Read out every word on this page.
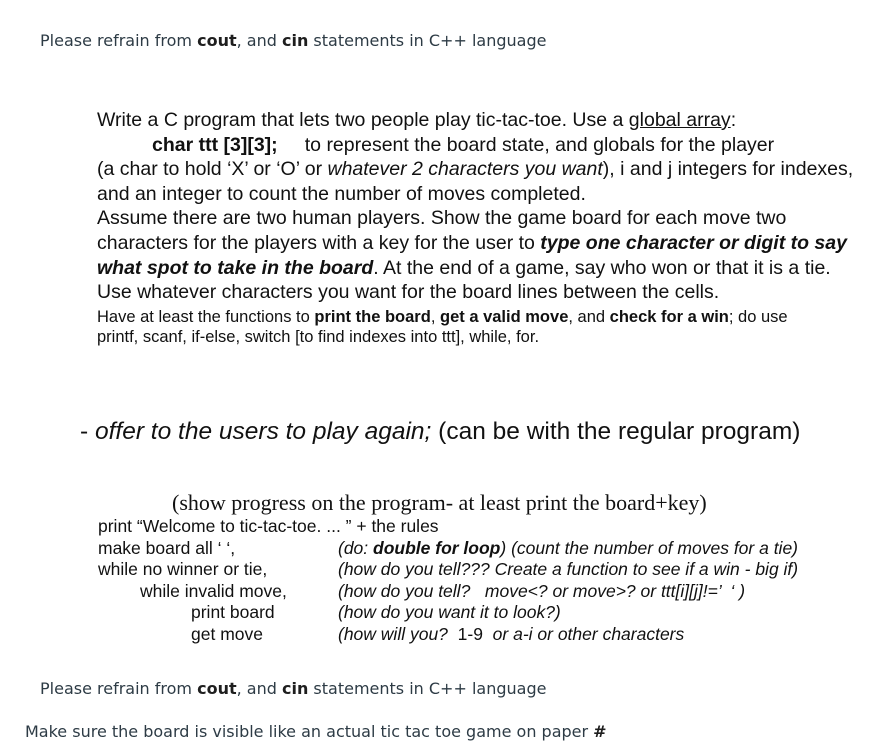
Please refrain from cout, and cin statements in C++ language

Write a C program that lets two people play tic-tac-toe. Use a global array:

char ttt [3][3];     to represent the board state, and globals for the player

(a char to hold ‘X’ or ‘O’ or whatever 2 characters you want), i and j integers for indexes, and an integer to count the number of moves completed.

Assume there are two human players. Show the game board for each move two characters for the players with a key for the user to type one character or digit to say what spot to take in the board. At the end of a game, say who won or that it is a tie. Use whatever characters you want for the board lines between the cells.

Have at least the functions to print the board, get a valid move, and check for a win; do use

printf, scanf, if-else, switch [to find indexes into ttt], while, for.

- offer to the users to play again; (can be with the regular program)
(show progress on the program- at least print the board+key)
print “Welcome to tic-tac-toe. ... ” + the rules
make board all ‘ ‘,	(do: double for loop) (count the number of moves for a tie)
while no winner or tie,	(how do you tell??? Create a function to see if a win - big if)
while invalid move,	(how do you tell?   move<? or move>? or ttt[i][j]!=’  ‘ )
print board	(how do you want it to look?)
get move	(how will you?  1-9  or a-i or other characters
Please refrain from cout, and cin statements in C++ language
Make sure the board is visible like an actual tic tac toe game on paper #
